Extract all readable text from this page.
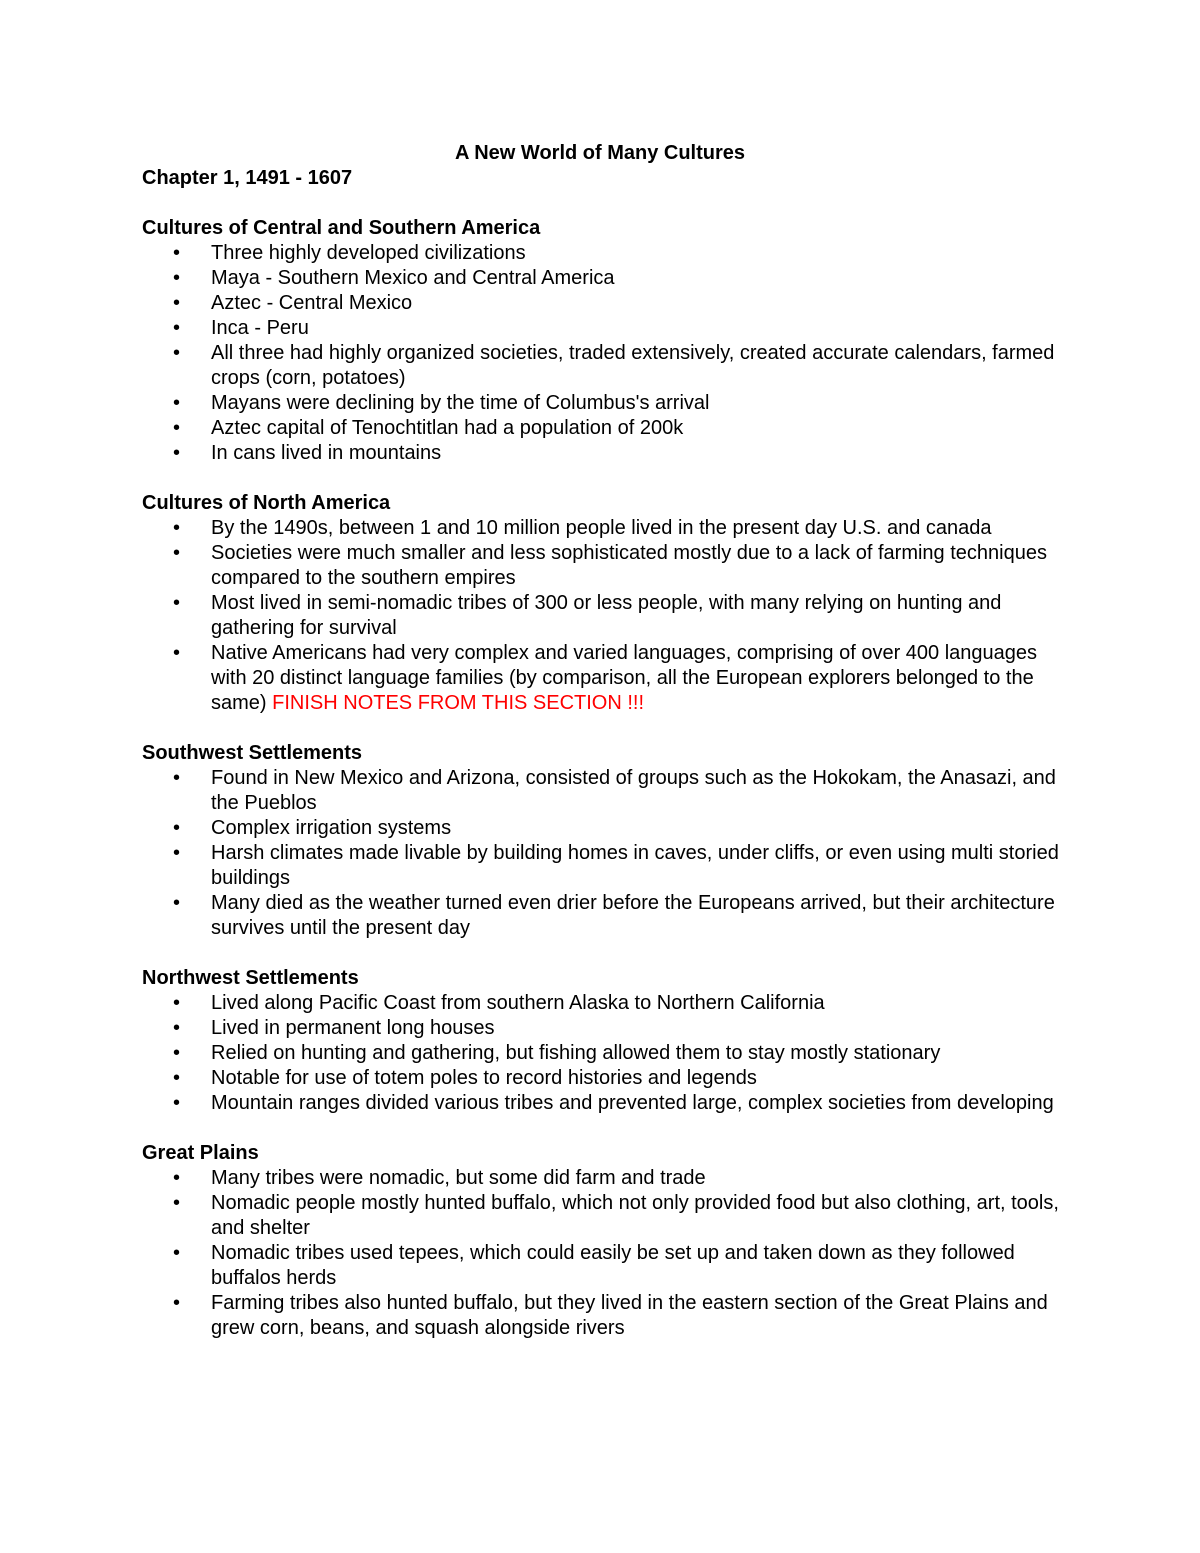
A New World of Many Cultures

Chapter 1, 1491 - 1607

Cultures of Central and Southern America

• Three highly developed civilizations
• Maya - Southern Mexico and Central America
• Aztec - Central Mexico
• Inca - Peru
• All three had highly organized societies, traded extensively, created accurate calendars, farmed crops (corn, potatoes)
• Mayans were declining by the time of Columbus's arrival
• Aztec capital of Tenochtitlan had a population of 200k
• In cans lived in mountains

Cultures of North America

• By the 1490s, between 1 and 10 million people lived in the present day U.S. and canada
• Societies were much smaller and less sophisticated mostly due to a lack of farming techniques compared to the southern empires
• Most lived in semi-nomadic tribes of 300 or less people, with many relying on hunting and gathering for survival
• Native Americans had very complex and varied languages, comprising of over 400 languages with 20 distinct language families (by comparison, all the European explorers belonged to the same) FINISH NOTES FROM THIS SECTION !!!

Southwest Settlements

• Found in New Mexico and Arizona, consisted of groups such as the Hokokam, the Anasazi, and the Pueblos
• Complex irrigation systems
• Harsh climates made livable by building homes in caves, under cliffs, or even using multi storied buildings
• Many died as the weather turned even drier before the Europeans arrived, but their architecture survives until the present day

Northwest Settlements

• Lived along Pacific Coast from southern Alaska to Northern California
• Lived in permanent long houses
• Relied on hunting and gathering, but fishing allowed them to stay mostly stationary
• Notable for use of totem poles to record histories and legends
• Mountain ranges divided various tribes and prevented large, complex societies from developing

Great Plains

• Many tribes were nomadic, but some did farm and trade
• Nomadic people mostly hunted buffalo, which not only provided food but also clothing, art, tools, and shelter
• Nomadic tribes used tepees, which could easily be set up and taken down as they followed buffalos herds
• Farming tribes also hunted buffalo, but they lived in the eastern section of the Great Plains and grew corn, beans, and squash alongside rivers
